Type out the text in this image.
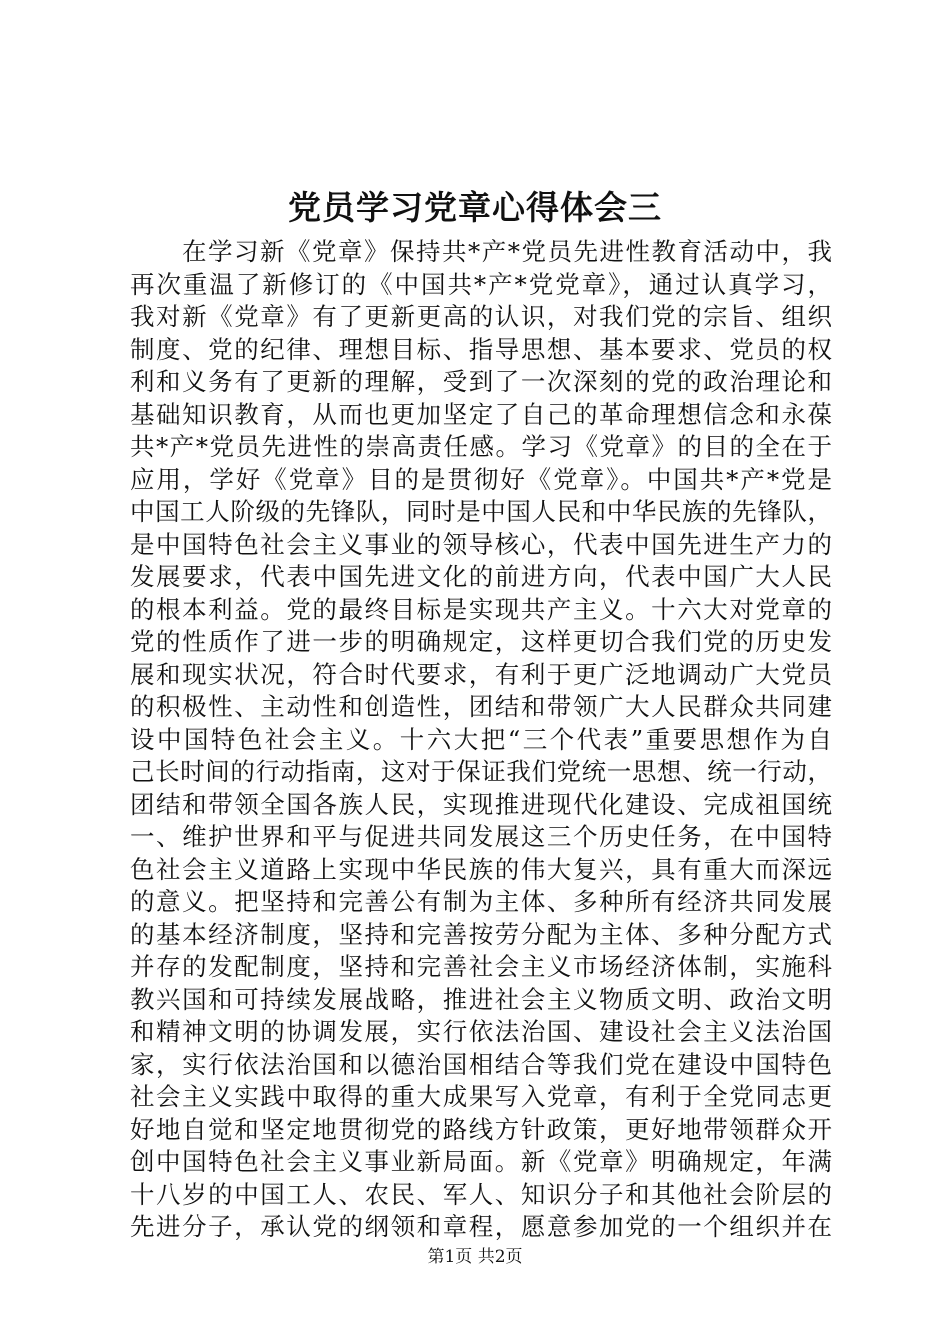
党员学习党章心得体会三
　　在学习新《党章》保持共*产*党员先进性教育活动中，我
再次重温了新修订的《中国共*产*党党章》，通过认真学习，
我对新《党章》有了更新更高的认识，对我们党的宗旨、组织
制度、党的纪律、理想目标、指导思想、基本要求、党员的权
利和义务有了更新的理解，受到了一次深刻的党的政治理论和
基础知识教育，从而也更加坚定了自己的革命理想信念和永葆
共*产*党员先进性的崇高责任感。学习《党章》的目的全在于
应用，学好《党章》目的是贯彻好《党章》。中国共*产*党是
中国工人阶级的先锋队，同时是中国人民和中华民族的先锋队，
是中国特色社会主义事业的领导核心，代表中国先进生产力的
发展要求，代表中国先进文化的前进方向，代表中国广大人民
的根本利益。党的最终目标是实现共产主义。十六大对党章的
党的性质作了进一步的明确规定，这样更切合我们党的历史发
展和现实状况，符合时代要求，有利于更广泛地调动广大党员
的积极性、主动性和创造性，团结和带领广大人民群众共同建
设中国特色社会主义。十六大把“三个代表”重要思想作为自
己长时间的行动指南，这对于保证我们党统一思想、统一行动，
团结和带领全国各族人民，实现推进现代化建设、完成祖国统
一、维护世界和平与促进共同发展这三个历史任务，在中国特
色社会主义道路上实现中华民族的伟大复兴，具有重大而深远
的意义。把坚持和完善公有制为主体、多种所有经济共同发展
的基本经济制度，坚持和完善按劳分配为主体、多种分配方式
并存的发配制度，坚持和完善社会主义市场经济体制，实施科
教兴国和可持续发展战略，推进社会主义物质文明、政治文明
和精神文明的协调发展，实行依法治国、建设社会主义法治国
家，实行依法治国和以德治国相结合等我们党在建设中国特色
社会主义实践中取得的重大成果写入党章，有利于全党同志更
好地自觉和坚定地贯彻党的路线方针政策，更好地带领群众开
创中国特色社会主义事业新局面。新《党章》明确规定，年满
十八岁的中国工人、农民、军人、知识分子和其他社会阶层的
先进分子，承认党的纲领和章程，愿意参加党的一个组织并在
第1页 共2页
